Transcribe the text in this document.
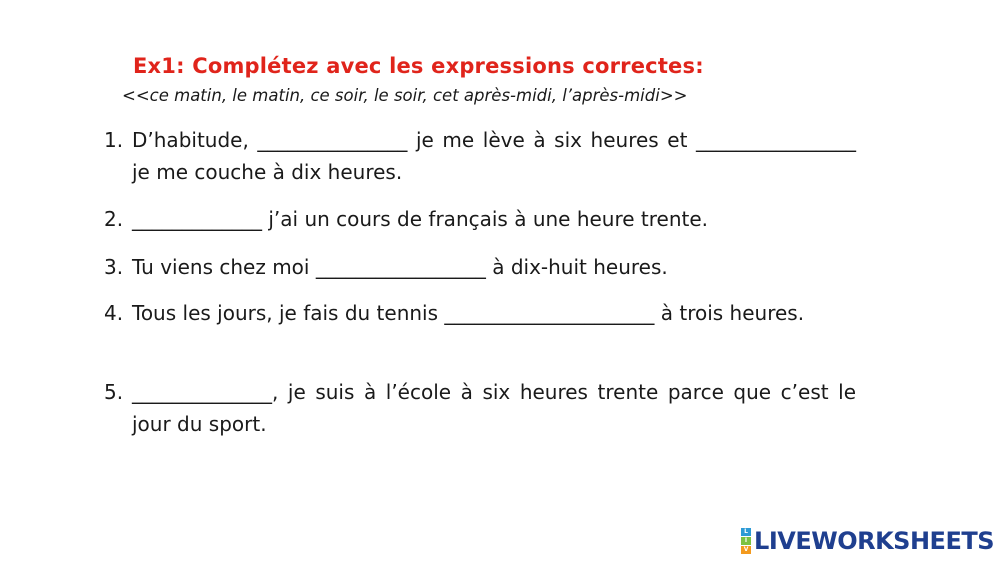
Ex1: Complétez avec les expressions correctes:
<<ce matin, le matin, ce soir, le soir, cet après-midi, l’après-midi>>
1. D’habitude, _______________ je me lève à six heures et ________________ je me couche à dix heures.
2. _____________ j’ai un cours de français à une heure trente.
3. Tu viens chez moi _________________ à dix-huit heures.
4. Tous les jours, je fais du tennis _____________________ à trois heures.
5. ______________, je suis à l’école à six heures trente parce que c’est le jour du sport.
L
I
V LIVEWORKSHEETS
